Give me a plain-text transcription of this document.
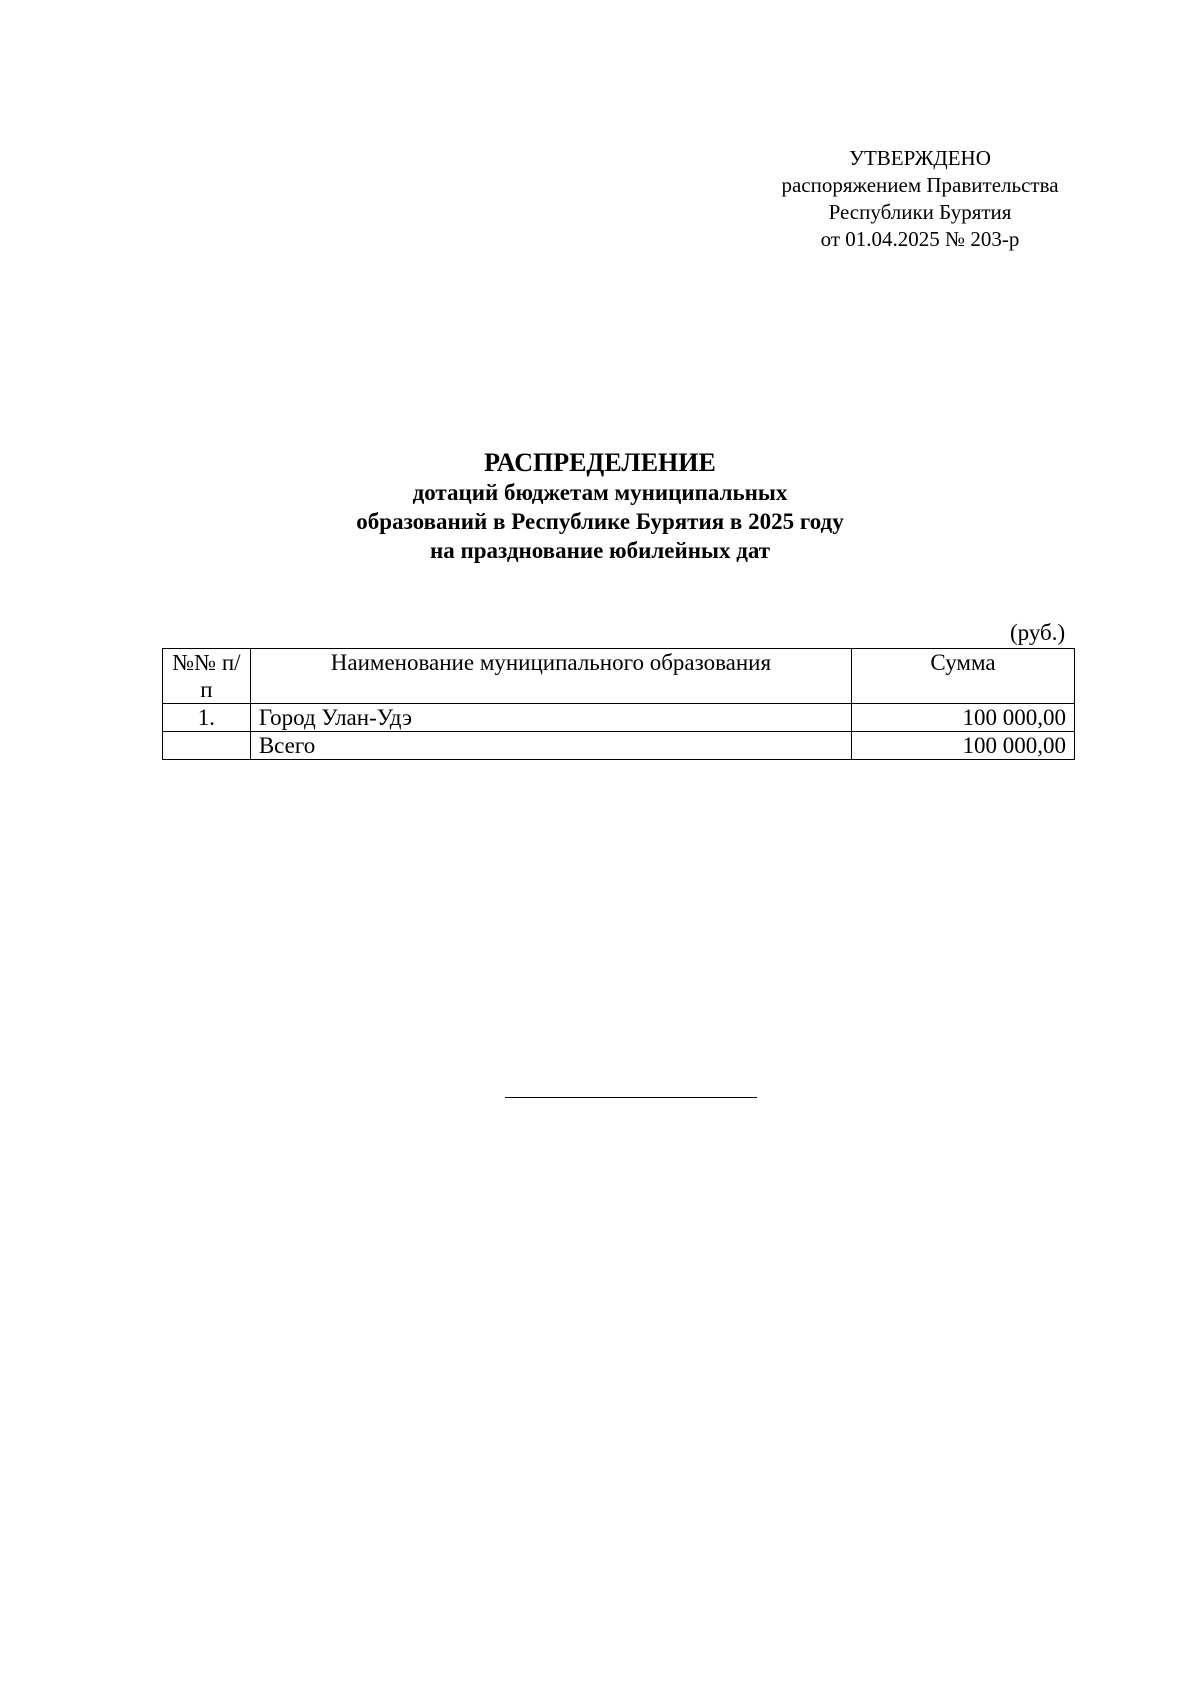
УТВЕРЖДЕНО
распоряжением Правительства
Республики Бурятия
от 01.04.2025 № 203-р
РАСПРЕДЕЛЕНИЕ
дотаций бюджетам муниципальных
образований в Республике Бурятия в 2025 году
на празднование юбилейных дат
(руб.)
№№ п/п	Наименование муниципального образования	Сумма
1.	Город Улан-Удэ	100 000,00
	Всего	100 000,00
